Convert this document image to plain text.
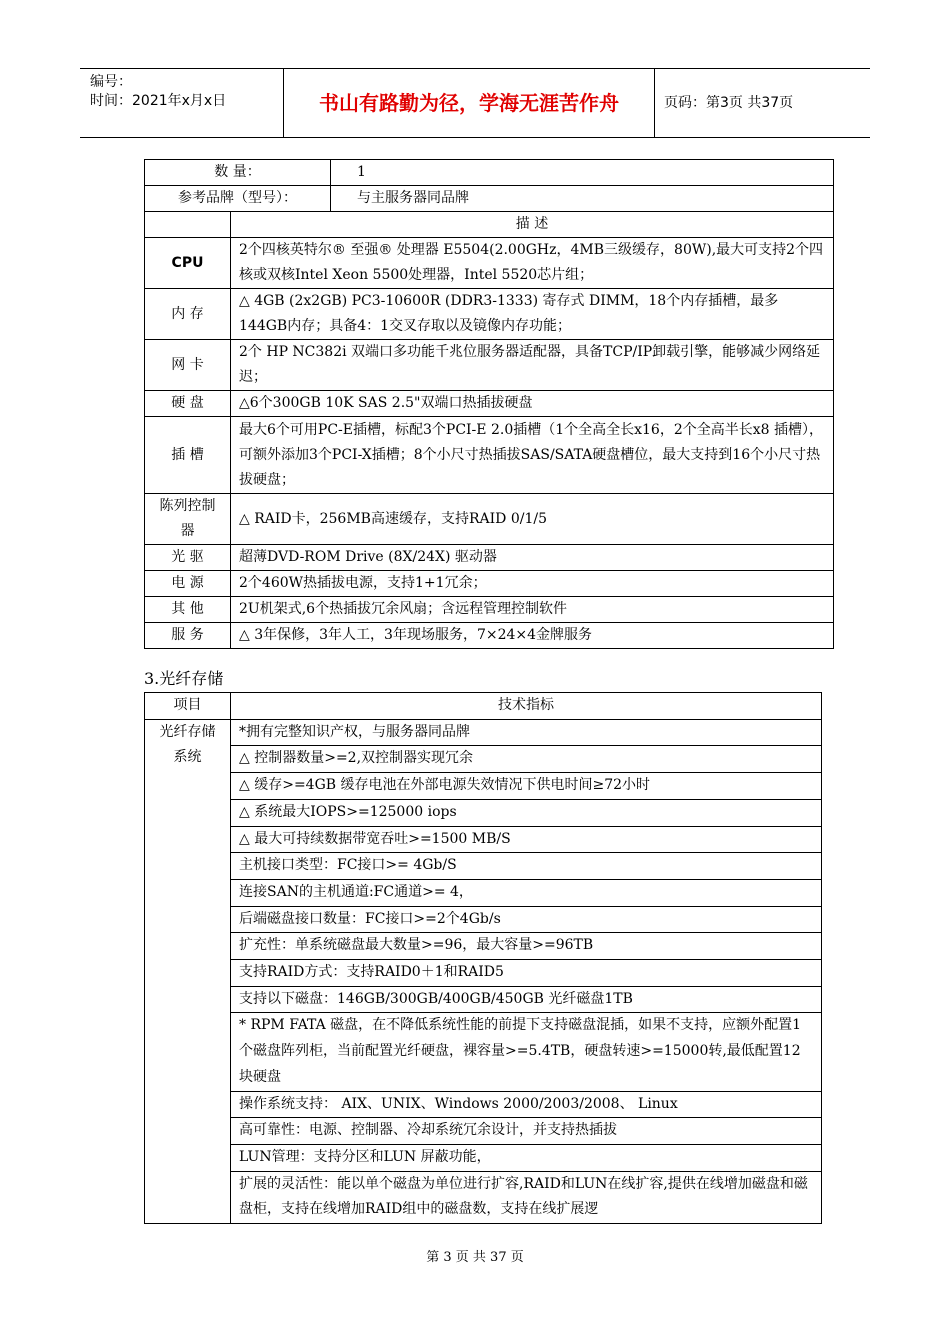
编号：
时间：2021年x月x日	书山有路勤为径，学海无涯苦作舟	页码：第3页 共37页
数 量：		1
参考品牌（型号）：		与主服务器同品牌
	描 述	
CPU	2个四核英特尔® 至强® 处理器 E5504(2.00GHz，4MB三级缓存，80W),最大可支持2个四核或双核Intel Xeon 5500处理器，Intel 5520芯片组；	
内 存	△ 4GB (2x2GB) PC3-10600R (DDR3-1333) 寄存式 DIMM，18个内存插槽，最多144GB内存；具备4：1交叉存取以及镜像内存功能；	
网 卡	2个 HP NC382i 双端口多功能千兆位服务器适配器，具备TCP/IP卸载引擎，能够减少网络延迟；	
硬 盘	△6个300GB 10K SAS 2.5"双端口热插拔硬盘	
插 槽	最大6个可用PC-E插槽，标配3个PCI-E 2.0插槽（1个全高全长x16，2个全高半长x8 插槽），可额外添加3个PCI-X插槽；8个小尺寸热插拔SAS/SATA硬盘槽位，最大支持到16个小尺寸热拔硬盘；	
陈列控制器	△ RAID卡，256MB高速缓存，支持RAID 0/1/5	
光 驱	超薄DVD-ROM Drive (8X/24X) 驱动器	
电 源	2个460W热插拔电源，支持1+1冗余；	
其 他	2U机架式,6个热插拔冗余风扇；含远程管理控制软件	
服 务	△ 3年保修，3年人工，3年现场服务，7×24×4金牌服务	
3.光纤存储
项目	技术指标
光纤存储系统	*拥有完整知识产权，与服务器同品牌
	△ 控制器数量>=2,双控制器实现冗余
	△ 缓存>=4GB 缓存电池在外部电源失效情况下供电时间≥72小时
	△ 系统最大IOPS>=125000 iops
	△ 最大可持续数据带宽吞吐>=1500 MB/S
	主机接口类型：FC接口>= 4Gb/S
	连接SAN的主机通道:FC通道>= 4，
	后端磁盘接口数量：FC接口>=2个4Gb/s
	扩充性：单系统磁盘最大数量>=96，最大容量>=96TB
	支持RAID方式：支持RAID0＋1和RAID5
	支持以下磁盘：146GB/300GB/400GB/450GB 光纤磁盘1TB
	* RPM FATA 磁盘，在不降低系统性能的前提下支持磁盘混插，如果不支持，应额外配置1个磁盘阵列柜，当前配置光纤硬盘，裸容量>=5.4TB，硬盘转速>=15000转,最低配置12块硬盘
	操作系统支持： AIX、UNIX、Windows 2000/2003/2008、 Linux
	高可靠性：电源、控制器、冷却系统冗余设计，并支持热插拔
	LUN管理：支持分区和LUN 屏蔽功能，
	扩展的灵活性：能以单个磁盘为单位进行扩容,RAID和LUN在线扩容,提供在线增加磁盘和磁盘柜，支持在线增加RAID组中的磁盘数，支持在线扩展逻
第 3 页 共 37 页
